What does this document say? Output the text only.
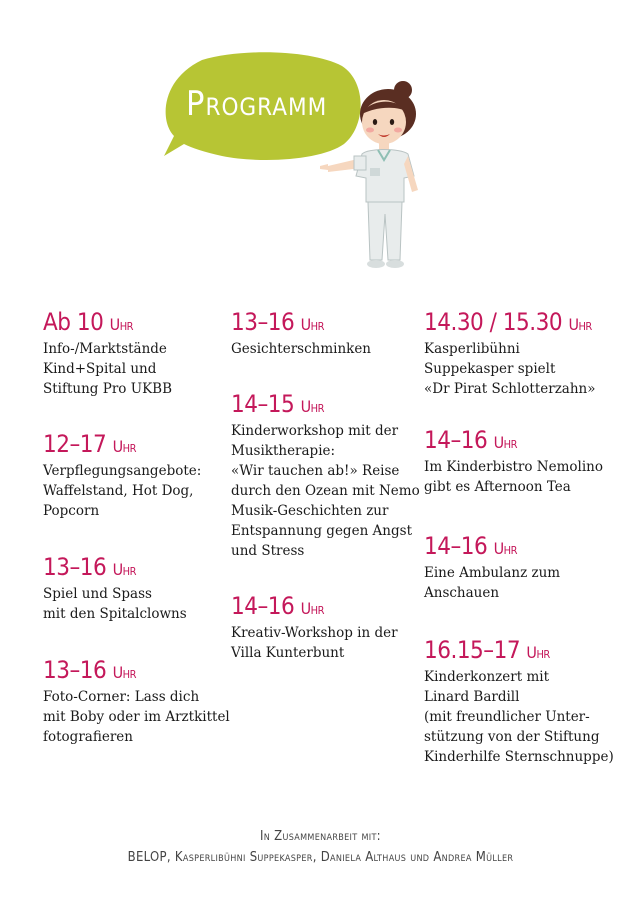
Programm
Ab 10 Uhr
Info-/Marktstände
Kind+Spital und
Stiftung Pro UKBB
12–17 Uhr
Verpflegungsangebote:
Waffelstand, Hot Dog,
Popcorn
13–16 Uhr
Spiel und Spass
mit den Spitalclowns
13–16 Uhr
Foto-Corner: Lass dich
mit Boby oder im Arztkittel
fotografieren
13–16 Uhr
Gesichterschminken
14–15 Uhr
Kinderworkshop mit der
Musiktherapie:
«Wir tauchen ab!» Reise
durch den Ozean mit Nemo
Musik-Geschichten zur
Entspannung gegen Angst
und Stress
14–16 Uhr
Kreativ-Workshop in der
Villa Kunterbunt
14.30 / 15.30 Uhr
Kasperlibühni
Suppekasper spielt
«Dr Pirat Schlotterzahn»
14–16 Uhr
Im Kinderbistro Nemolino
gibt es Afternoon Tea
14–16 Uhr
Eine Ambulanz zum
Anschauen
16.15–17 Uhr
Kinderkonzert mit
Linard Bardill
(mit freundlicher Unter-
stützung von der Stiftung
Kinderhilfe Sternschnuppe)
In Zusammenarbeit mit:
BELOP, Kasperlibühni Suppekasper, Daniela Althaus und Andrea Müller
